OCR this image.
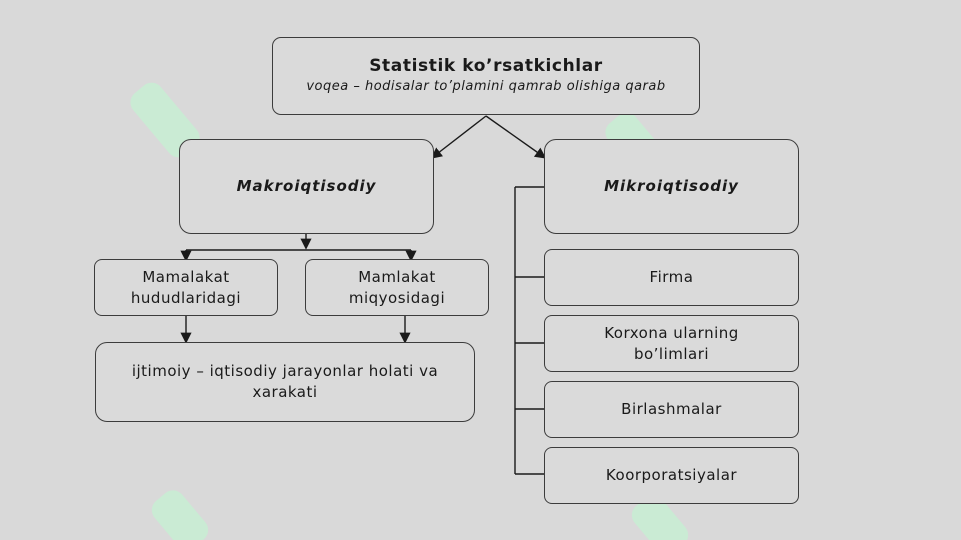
Statistik ko’rsatkichlar
voqea – hodisalar to’plamini qamrab olishiga qarab
Makroiqtisodiy	Mikroiqtisodiy
Mamalakat hududlaridagi
Mamlakat miqyosidagi
ijtimoiy – iqtisodiy jarayonlar holati va xarakati
Firma
Korxona ularning bo’limlari
Birlashmalar
Koorporatsiyalar
